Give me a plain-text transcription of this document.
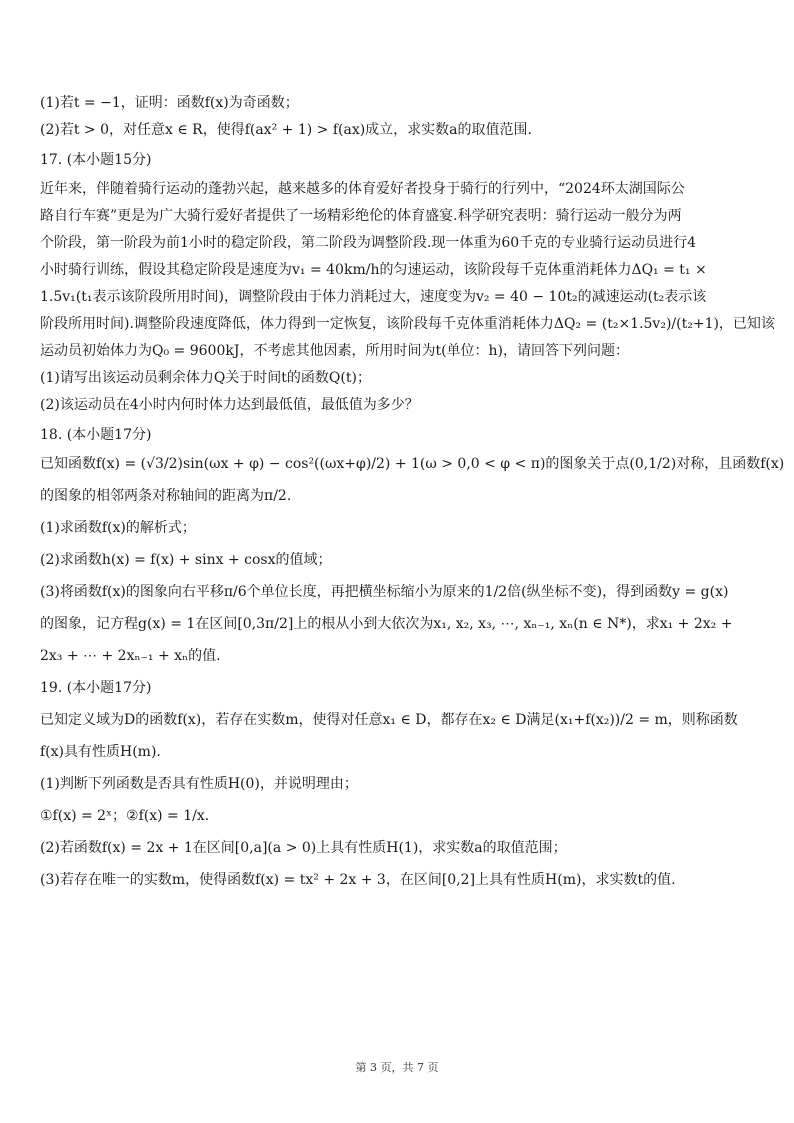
(1)若t = −1，证明：函数f(x)为奇函数；
(2)若t > 0，对任意x ∈ R，使得f(ax² + 1) > f(ax)成立，求实数a的取值范围.
17. (本小题15分)
近年来，伴随着骑行运动的蓬勃兴起，越来越多的体育爱好者投身于骑行的行列中，“2024环太湖国际公
路自行车赛”更是为广大骑行爱好者提供了一场精彩绝伦的体育盛宴.科学研究表明：骑行运动一般分为两
个阶段，第一阶段为前1小时的稳定阶段，第二阶段为调整阶段.现一体重为60千克的专业骑行运动员进行4
小时骑行训练，假设其稳定阶段是速度为v₁ = 40km/h的匀速运动，该阶段每千克体重消耗体力ΔQ₁ = t₁ ×
1.5v₁(t₁表示该阶段所用时间)，调整阶段由于体力消耗过大，速度变为v₂ = 40 − 10t₂的减速运动(t₂表示该
阶段所用时间).调整阶段速度降低，体力得到一定恢复，该阶段每千克体重消耗体力ΔQ₂ = (t₂×1.5v₂)/(t₂+1)，已知该
运动员初始体力为Q₀ = 9600kJ，不考虑其他因素，所用时间为t(单位：h)，请回答下列问题：
(1)请写出该运动员剩余体力Q关于时间t的函数Q(t)；
(2)该运动员在4小时内何时体力达到最低值，最低值为多少？
18. (本小题17分)
已知函数f(x) = (√3/2)sin(ωx + φ) − cos²((ωx+φ)/2) + 1(ω > 0,0 < φ < π)的图象关于点(0,1/2)对称，且函数f(x)
的图象的相邻两条对称轴间的距离为π/2.
(1)求函数f(x)的解析式；
(2)求函数h(x) = f(x) + sinx + cosx的值域；
(3)将函数f(x)的图象向右平移π/6个单位长度，再把横坐标缩小为原来的1/2倍(纵坐标不变)，得到函数y = g(x)
的图象，记方程g(x) = 1在区间[0,3π/2]上的根从小到大依次为x₁, x₂, x₃, ⋯, xₙ₋₁, xₙ(n ∈ N*)，求x₁ + 2x₂ +
2x₃ + ⋯ + 2xₙ₋₁ + xₙ的值.
19. (本小题17分)
已知定义域为D的函数f(x)，若存在实数m，使得对任意x₁ ∈ D，都存在x₂ ∈ D满足(x₁+f(x₂))/2 = m，则称函数
f(x)具有性质H(m).
(1)判断下列函数是否具有性质H(0)，并说明理由；
①f(x) = 2ˣ；②f(x) = 1/x.
(2)若函数f(x) = 2x + 1在区间[0,a](a > 0)上具有性质H(1)，求实数a的取值范围；
(3)若存在唯一的实数m，使得函数f(x) = tx² + 2x + 3，在区间[0,2]上具有性质H(m)，求实数t的值.
第 3 页，共 7 页
